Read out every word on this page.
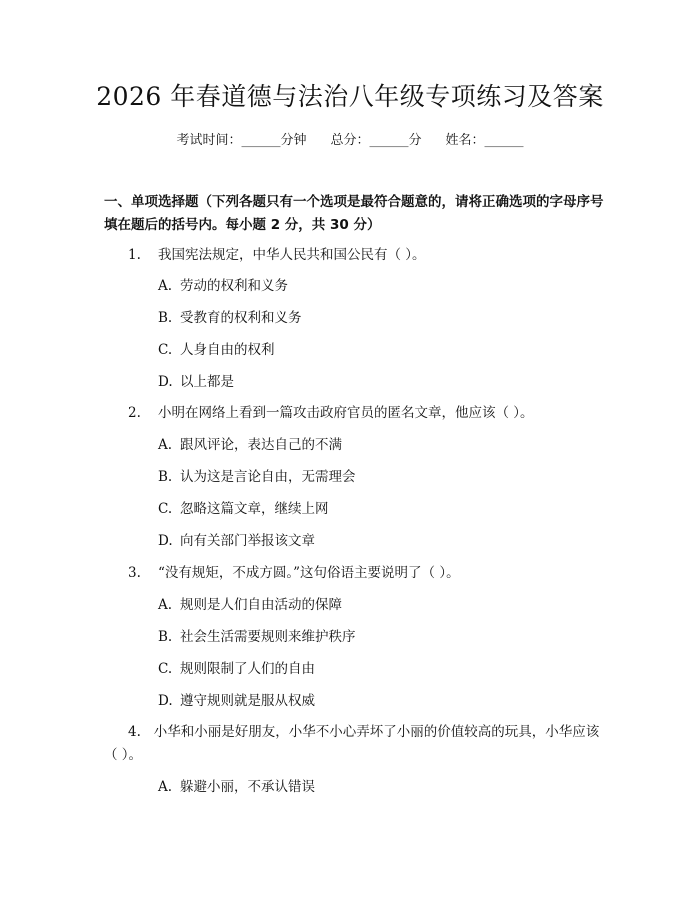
2026 年春道德与法治八年级专项练习及答案
考试时间：______分钟 总分：______分 姓名：______
一、单项选择题（下列各题只有一个选项是最符合题意的，请将正确选项的字母序号填在题后的括号内。每小题 2 分，共 30 分）
1. 我国宪法规定，中华人民共和国公民有（ ）。
A. 劳动的权利和义务
B. 受教育的权利和义务
C. 人身自由的权利
D. 以上都是
2. 小明在网络上看到一篇攻击政府官员的匿名文章，他应该（ ）。
A. 跟风评论，表达自己的不满
B. 认为这是言论自由，无需理会
C. 忽略这篇文章，继续上网
D. 向有关部门举报该文章
3. “没有规矩，不成方圆。”这句俗语主要说明了（ ）。
A. 规则是人们自由活动的保障
B. 社会生活需要规则来维护秩序
C. 规则限制了人们的自由
D. 遵守规则就是服从权威
4. 小华和小丽是好朋友，小华不小心弄坏了小丽的价值较高的玩具，小华应该（ ）。
A. 躲避小丽，不承认错误
